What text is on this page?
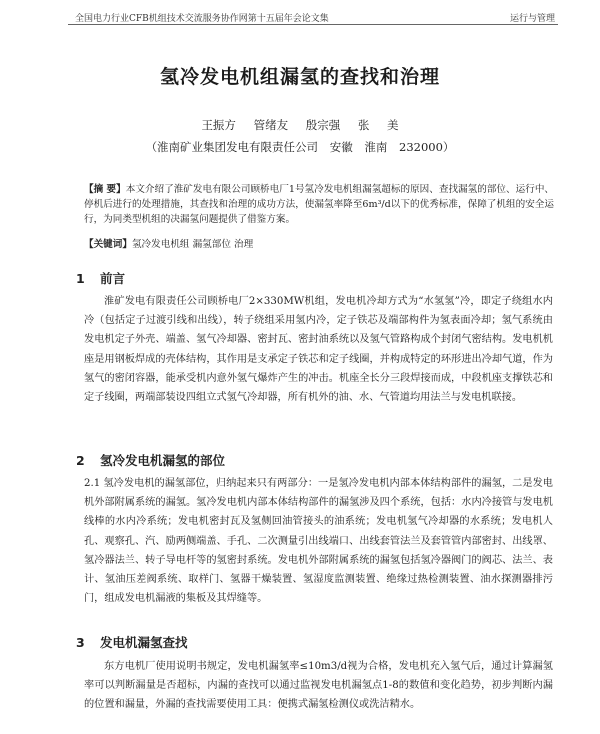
全国电力行业CFB机组技术交流服务协作网第十五届年会论文集	运行与管理
氢冷发电机组漏氢的查找和治理
王振方 管绪友 殷宗强 张 美
（淮南矿业集团发电有限责任公司 安徽 淮南 232000）
【摘 要】本文介绍了淮矿发电有限公司顾桥电厂1号氢冷发电机组漏氢超标的原因、查找漏氢的部位、运行中、停机后进行的处理措施，其查找和治理的成功方法，使漏氢率降至6m³/d以下的优秀标准，保障了机组的安全运行，为同类型机组的决漏氢问题提供了借鉴方案。
【关键词】氢冷发电机组 漏氢部位 治理
1 前言
淮矿发电有限责任公司顾桥电厂2×330MW机组，发电机冷却方式为“水氢氢”冷，即定子绕组水内冷（包括定子过渡引线和出线），转子绕组采用氢内冷，定子铁芯及端部构件为氢表面冷却；氢气系统由发电机定子外壳、端盖、氢气冷却器、密封瓦、密封油系统以及氢气管路构成个封闭气密结构。发电机机座是用钢板焊成的壳体结构，其作用是支承定子铁芯和定子线圈，并构成特定的环形进出冷却气道，作为氢气的密闭容器，能承受机内意外氢气爆炸产生的冲击。机座全长分三段焊接而成，中段机座支撑铁芯和定子线圈，两端部装设四组立式氢气冷却器，所有机外的油、水、气管道均用法兰与发电机联接。
2 氢冷发电机漏氢的部位
2.1 氢冷发电机的漏氢部位，归纳起来只有两部分：一是氢冷发电机内部本体结构部件的漏氢，二是发电机外部附属系统的漏氢。氢冷发电机内部本体结构部件的漏氢涉及四个系统，包括：水内冷接管与发电机线棒的水内冷系统；发电机密封瓦及氢侧回油管接头的油系统；发电机氢气冷却器的水系统；发电机人孔、观察孔、汽、励两侧端盖、手孔、二次测量引出线端口、出线套管法兰及套管管内部密封、出线罩、氢冷器法兰、转子导电杆等的氢密封系统。发电机外部附属系统的漏氢包括氢冷器阀门的阀芯、法兰、表计、氢油压差阀系统、取样门、氢器干燥装置、氢湿度监测装置、绝缘过热检测装置、油水探测器排污门，组成发电机漏液的集板及其焊缝等。
3 发电机漏氢查找
东方电机厂使用说明书规定，发电机漏氢率≤10m3/d视为合格，发电机充入氢气后，通过计算漏氢率可以判断漏量是否超标，内漏的查找可以通过监视发电机漏氢点1-8的数值和变化趋势，初步判断内漏的位置和漏量，外漏的查找需要使用工具：便携式漏氢检测仪或洗洁精水。
